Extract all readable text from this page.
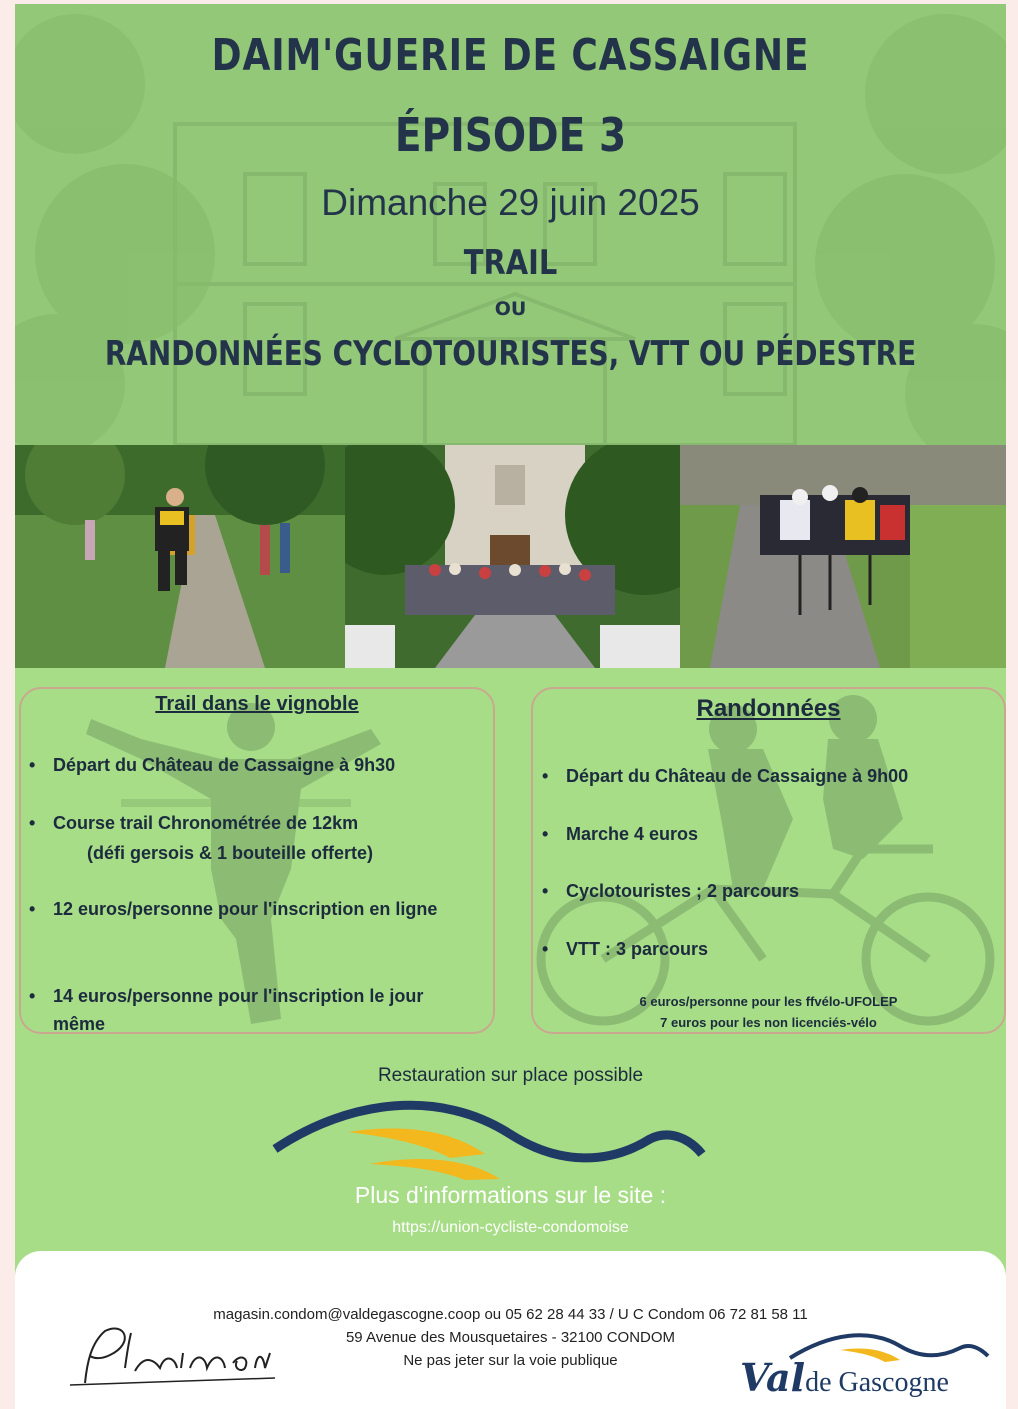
DAIM'GUERIE DE CASSAIGNE
ÉPISODE 3
Dimanche 29 juin 2025
TRAIL
OU
RANDONNÉES CYCLOTOURISTES, VTT OU PÉDESTRE
Trail dans le vignoble
• Départ du Château de Cassaigne à 9h30
• Course trail Chronométrée de 12km
• 12 euros/personne pour l'inscription en ligne
• 14 euros/personne pour l'inscription le jour
(défi gersois & 1 bouteille offerte)
même
Randonnées
• Départ du Château de Cassaigne à 9h00
• Marche 4 euros
• Cyclotouristes ; 2 parcours
• VTT : 3 parcours
6 euros/personne pour les ffvélo-UFOLEP
7 euros pour les non licenciés-vélo
Restauration sur place possible
Plus d'informations sur le site :
https://union-cycliste-condomoise
magasin.condom@valdegascogne.coop ou 05 62 28 44 33 / U C Condom 06 72 81 58 11
59 Avenue des Mousquetaires - 32100 CONDOM
Ne pas jeter sur la voie publique	Valde Gascogne
